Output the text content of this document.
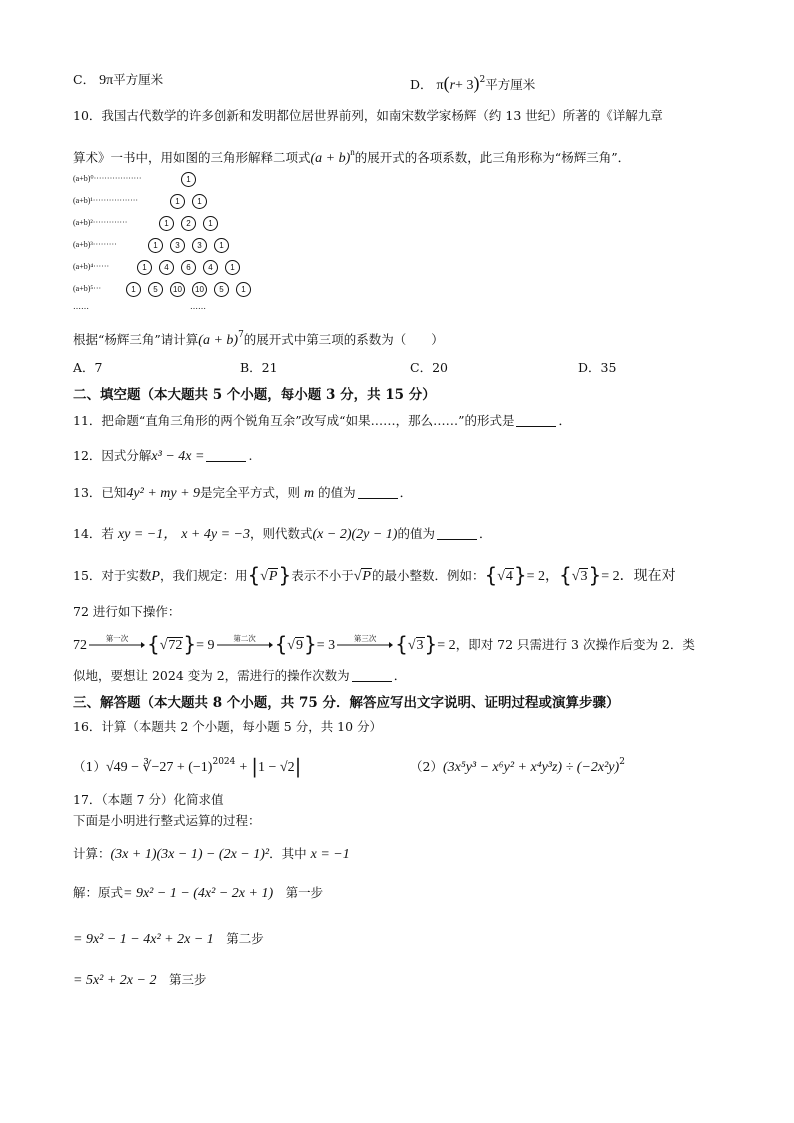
C． 9π平方厘米	D． $\pi(r+ 3)^2$平方厘米
10．我国古代数学的许多创新和发明都位居世界前列，如南宋数学家杨辉（约 13 世纪）所著的《详解九章
算术》一书中，用如图的三角形解释二项式$(a + b)^n$的展开式的各项系数，此三角形称为“杨辉三角”．
(a+b)⁰··················	1
(a+b)¹·················	1	1
(a+b)²·············	1	2	1
(a+b)³·········	1	3	3	1
(a+b)⁴······	1	4	6	4	1
(a+b)⁵···	1	5	10	10	5	1
……	……
根据“杨辉三角”请计算$(a + b)^7$的展开式中第三项的系数为（　　）
A．7	B．21	C．20	D．35
二、填空题（本大题共 5 个小题，每小题 3 分，共 15 分）
11．把命题“直角三角形的两个锐角互余”改写成“如果……，那么……”的形式是	．
12．因式分解x³ − 4x =	.
13．已知4y² + my + 9是完全平方式，则 m 的值为	．
14．若 xy = −1， x + 4y = −3，则代数式(x − 2)(2y − 1)的值为	．
15．对于实数P，我们规定：用{√P}表示不小于√P的最小整数．例如：{√4}= 2，{√3}= 2．现在对
72 进行如下操作：
72	第一次 {√72}= 9	第二次 {√9}= 3	第三次 {√3}= 2，即对 72 只需进行 3 次操作后变为 2．类
似地，要想让 2024 变为 2，需进行的操作次数为	．
三、解答题（本大题共 8 个小题，共 75 分．解答应写出文字说明、证明过程或演算步骤）
16．计算（本题共 2 个小题，每小题 5 分，共 10 分）
（1）√49 − ∛−27 + $(-1)^{2024} + |1 - √2|$	$(2)(3x^5y^3 - x^6y^2 + x^4y^3z) \div (-2x^2y)^2$
17．（本题 7 分）化简求值
下面是小明进行整式运算的过程：
计算：(3x + 1)(3x − 1) − (2x − 1)²．其中 x = −1
解：原式= 9x² − 1 − (4x² − 2x + 1)　 第一步
= 9x² − 1 − 4x² + 2x − 1　 第二步
= 5x² + 2x − 2　 第三步
